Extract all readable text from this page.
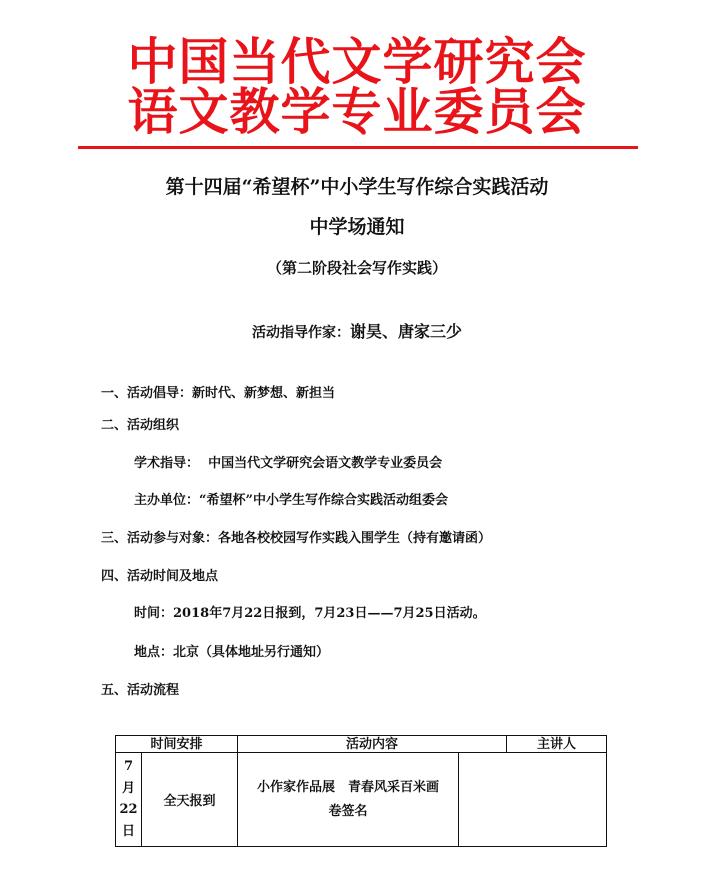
中国当代文学研究会
语文教学专业委员会
第十四届“希望杯”中小学生写作综合实践活动
中学场通知
（第二阶段社会写作实践）
活动指导作家：谢昊、唐家三少
一、活动倡导：新时代、新梦想、新担当
二、活动组织
学术指导： 中国当代文学研究会语文教学专业委员会
主办单位：“希望杯”中小学生写作综合实践活动组委会
三、活动参与对象：各地各校校园写作实践入围学生（持有邀请函）
四、活动时间及地点
时间：2018年7月22日报到，7月23日——7月25日活动。
地点：北京（具体地址另行通知）
五、活动流程
时间安排	活动内容	主讲人
7
月
22
日
全天报到
小作家作品展　青春风采百米画卷签名
